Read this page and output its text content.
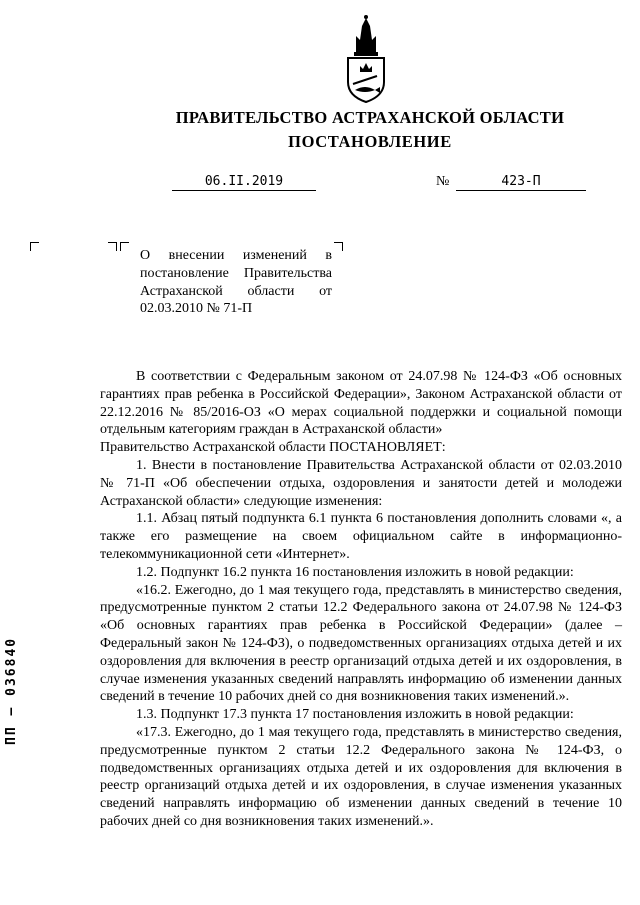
ПРАВИТЕЛЬСТВО АСТРАХАНСКОЙ ОБЛАСТИ
ПОСТАНОВЛЕНИЕ
06.II.2019	№	423-П
О внесении изменений в постановление Правительства Астраханской области от 02.03.2010 № 71-П

В соответствии с Федеральным законом от 24.07.98 № 124-ФЗ «Об основных гарантиях прав ребенка в Российской Федерации», Законом Астраханской области от 22.12.2016 № 85/2016-ОЗ «О мерах социальной поддержки и социальной помощи отдельным категориям граждан в Астраханской области»

Правительство Астраханской области ПОСТАНОВЛЯЕТ:

1. Внести в постановление Правительства Астраханской области от 02.03.2010 № 71-П «Об обеспечении отдыха, оздоровления и занятости детей и молодежи Астраханской области» следующие изменения:

1.1. Абзац пятый подпункта 6.1 пункта 6 постановления дополнить словами «, а также его размещение на своем официальном сайте в информационно-телекоммуникационной сети «Интернет».

1.2. Подпункт 16.2 пункта 16 постановления изложить в новой редакции:

«16.2. Ежегодно, до 1 мая текущего года, представлять в министерство сведения, предусмотренные пунктом 2 статьи 12.2 Федерального закона от 24.07.98 № 124-ФЗ «Об основных гарантиях прав ребенка в Российской Федерации» (далее – Федеральный закон № 124-ФЗ), о подведомственных организациях отдыха детей и их оздоровления для включения в реестр организаций отдыха детей и их оздоровления, в случае изменения указанных сведений направлять информацию об изменении данных сведений в течение 10 рабочих дней со дня возникновения таких изменений.».

1.3. Подпункт 17.3 пункта 17 постановления изложить в новой редакции:

«17.3. Ежегодно, до 1 мая текущего года, представлять в министерство сведения, предусмотренные пунктом 2 статьи 12.2 Федерального закона № 124-ФЗ, о подведомственных организациях отдыха детей и их оздоровления для включения в реестр организаций отдыха детей и их оздоровления, в случае изменения указанных сведений направлять информацию об изменении данных сведений в течение 10 рабочих дней со дня возникновения таких изменений.».

ПП – 036840
